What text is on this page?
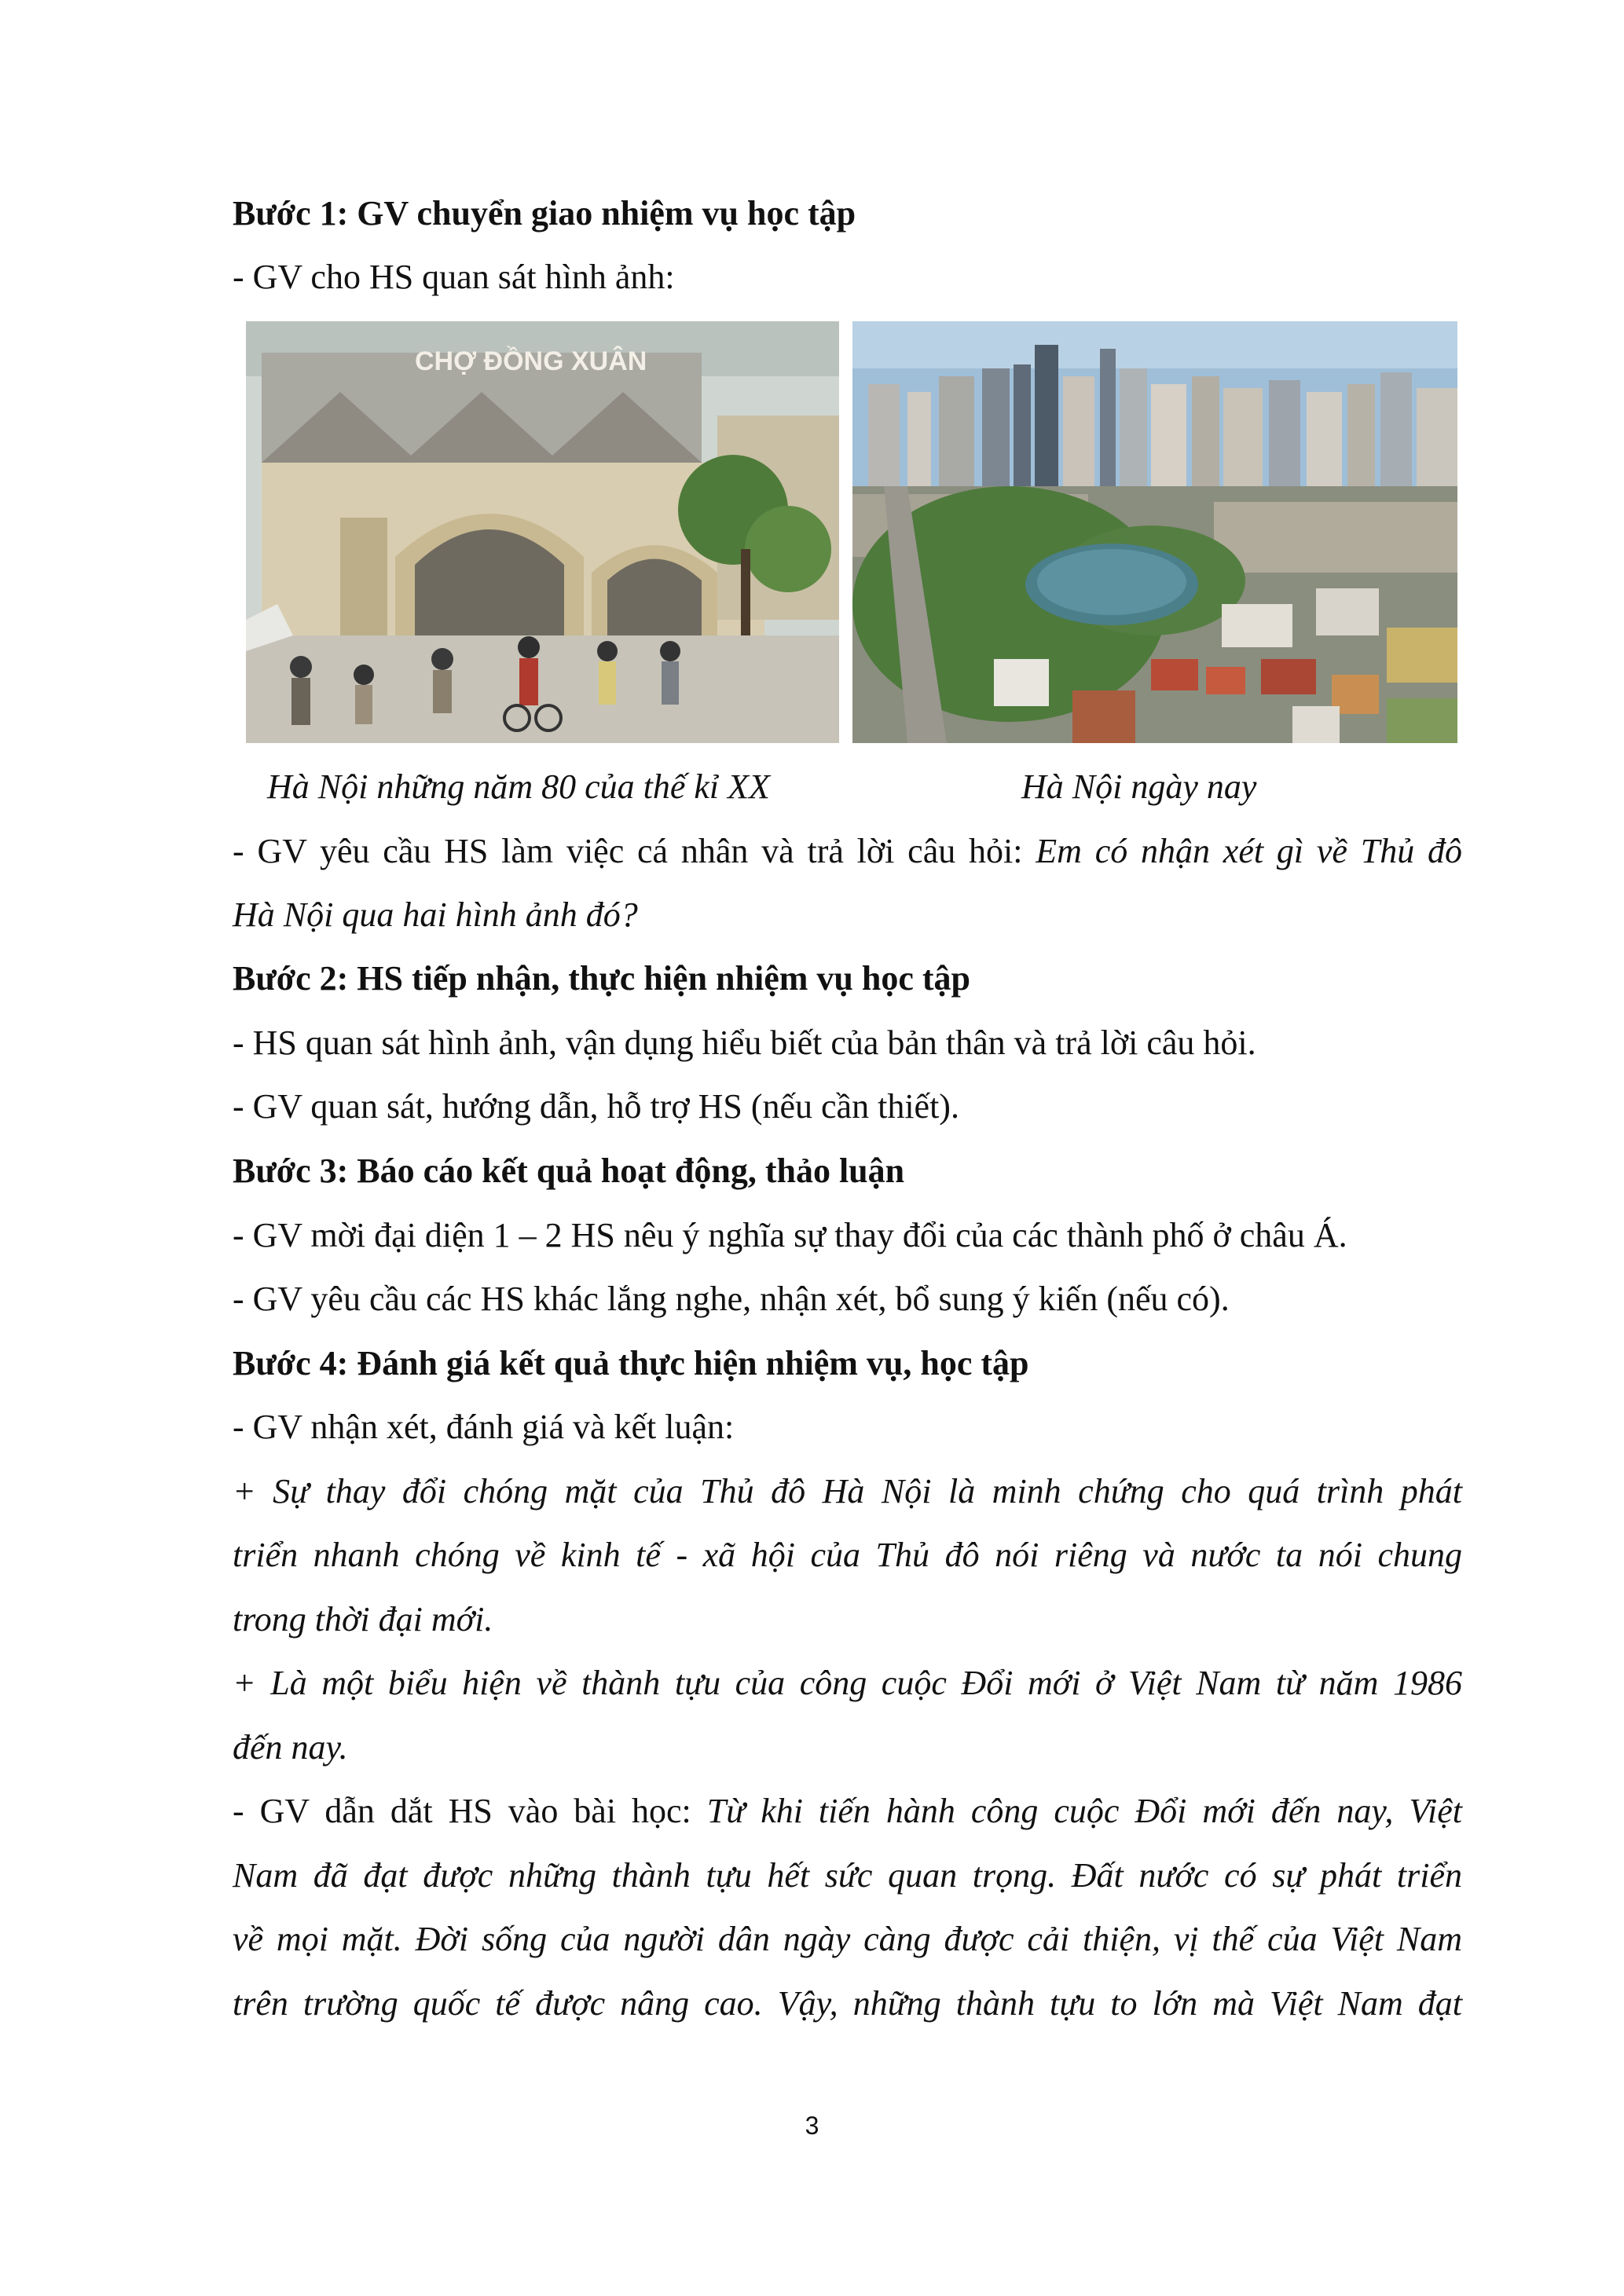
Bước 1: GV chuyển giao nhiệm vụ học tập
- GV cho HS quan sát hình ảnh:
CHỢ ĐỒNG XUÂN
Hà Nội những năm 80 của thế kỉ XX	Hà Nội ngày nay
- GV yêu cầu HS làm việc cá nhân và trả lời câu hỏi: Em có nhận xét gì về Thủ đô
Hà Nội qua hai hình ảnh đó?
Bước 2: HS tiếp nhận, thực hiện nhiệm vụ học tập
- HS quan sát hình ảnh, vận dụng hiểu biết của bản thân và trả lời câu hỏi.
- GV quan sát, hướng dẫn, hỗ trợ HS (nếu cần thiết).
Bước 3: Báo cáo kết quả hoạt động, thảo luận
- GV mời đại diện 1 – 2 HS nêu ý nghĩa sự thay đổi của các thành phố ở châu Á.
- GV yêu cầu các HS khác lắng nghe, nhận xét, bổ sung ý kiến (nếu có).
Bước 4: Đánh giá kết quả thực hiện nhiệm vụ, học tập
- GV nhận xét, đánh giá và kết luận:
+ Sự thay đổi chóng mặt của Thủ đô Hà Nội là minh chứng cho quá trình phát
triển nhanh chóng về kinh tế - xã hội của Thủ đô nói riêng và nước ta nói chung
trong thời đại mới.
+ Là một biểu hiện về thành tựu của công cuộc Đổi mới ở Việt Nam từ năm 1986
đến nay.
- GV dẫn dắt HS vào bài học: Từ khi tiến hành công cuộc Đổi mới đến nay, Việt
Nam đã đạt được những thành tựu hết sức quan trọng. Đất nước có sự phát triển
về mọi mặt. Đời sống của người dân ngày càng được cải thiện, vị thế của Việt Nam
trên trường quốc tế được nâng cao. Vậy, những thành tựu to lớn mà Việt Nam đạt
3
